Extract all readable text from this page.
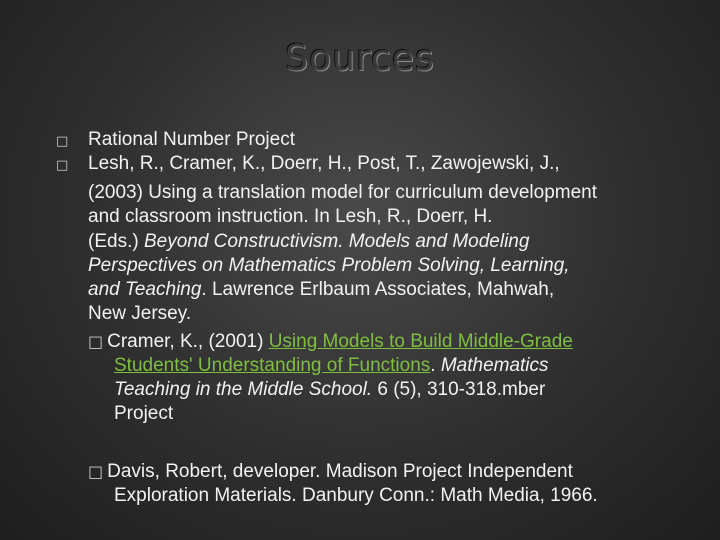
Sources
□ Rational Number Project
□ Lesh, R., Cramer, K., Doerr, H., Post, T., Zawojewski, J.,
(2003) Using a translation model for curriculum development
and classroom instruction. In Lesh, R., Doerr, H.
(Eds.) Beyond Constructivism. Models and Modeling
Perspectives on Mathematics Problem Solving, Learning,
and Teaching. Lawrence Erlbaum Associates, Mahwah,
New Jersey.
□ Cramer, K., (2001) Using Models to Build Middle-Grade
Students' Understanding of Functions. Mathematics
Teaching in the Middle School. 6 (5), 310-318.mber
Project
□ Davis, Robert, developer. Madison Project Independent
Exploration Materials. Danbury Conn.: Math Media, 1966.
